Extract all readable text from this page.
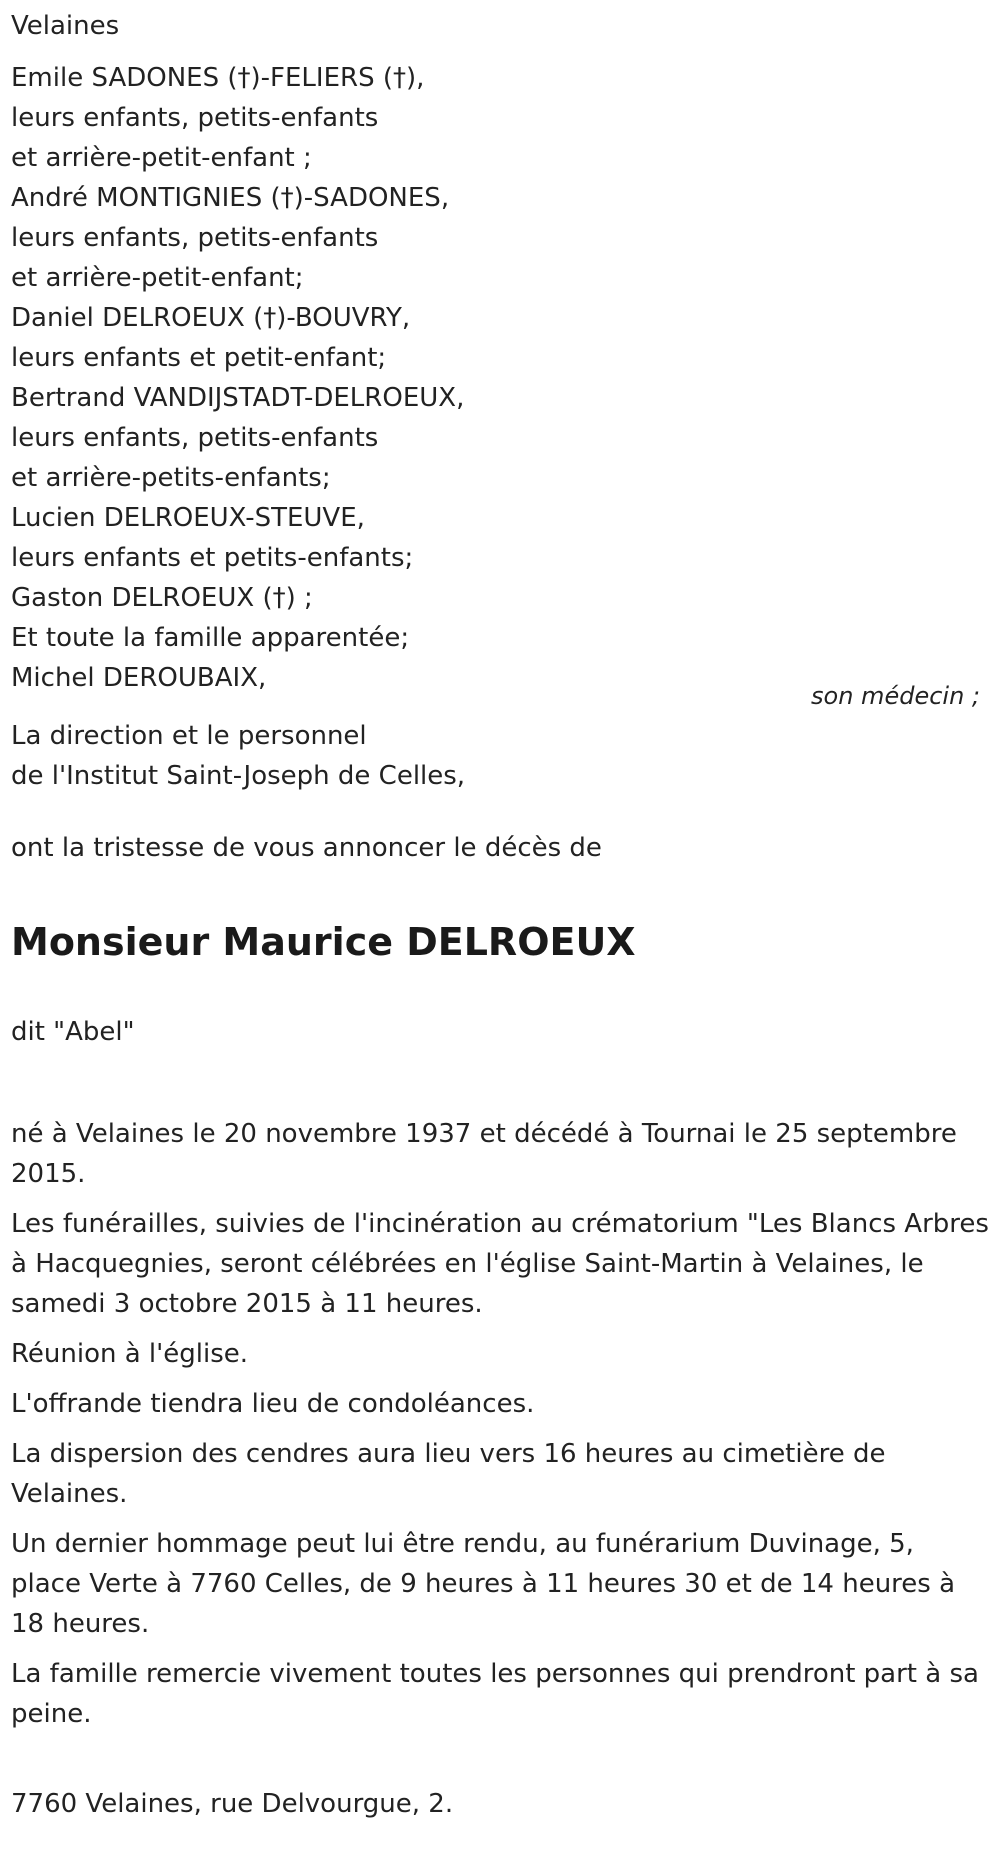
Velaines

Emile SADONES (†)-FELIERS (†),

leurs enfants, petits-enfants

et arrière-petit-enfant ;

André MONTIGNIES (†)-SADONES,

leurs enfants, petits-enfants

et arrière-petit-enfant;

Daniel DELROEUX (†)-BOUVRY,

leurs enfants et petit-enfant;

Bertrand VANDIJSTADT-DELROEUX,

leurs enfants, petits-enfants

et arrière-petits-enfants;

Lucien DELROEUX-STEUVE,

leurs enfants et petits-enfants;

Gaston DELROEUX (†) ;

Et toute la famille apparentée;

Michel DEROUBAIX,

La direction et le personnel

de l'Institut Saint-Joseph de Celles,

ont la tristesse de vous annoncer le décès de

Monsieur Maurice DELROEUX

dit "Abel"

né à Velaines le 20 novembre 1937 et décédé à Tournai le 25 septembre 2015.

Les funérailles, suivies de l'incinération au crématorium "Les Blancs Arbres à Hacquegnies, seront célébrées en l'église Saint-Martin à Velaines, le samedi 3 octobre 2015 à 11 heures.

Réunion à l'église.

L'offrande tiendra lieu de condoléances.

La dispersion des cendres aura lieu vers 16 heures au cimetière de Velaines.

Un dernier hommage peut lui être rendu, au funérarium Duvinage, 5, place Verte à 7760 Celles, de 9 heures à 11 heures 30 et de 14 heures à 18 heures.

La famille remercie vivement toutes les personnes qui prendront part à sa peine.

7760 Velaines, rue Delvourgue, 2.

son médecin ;
